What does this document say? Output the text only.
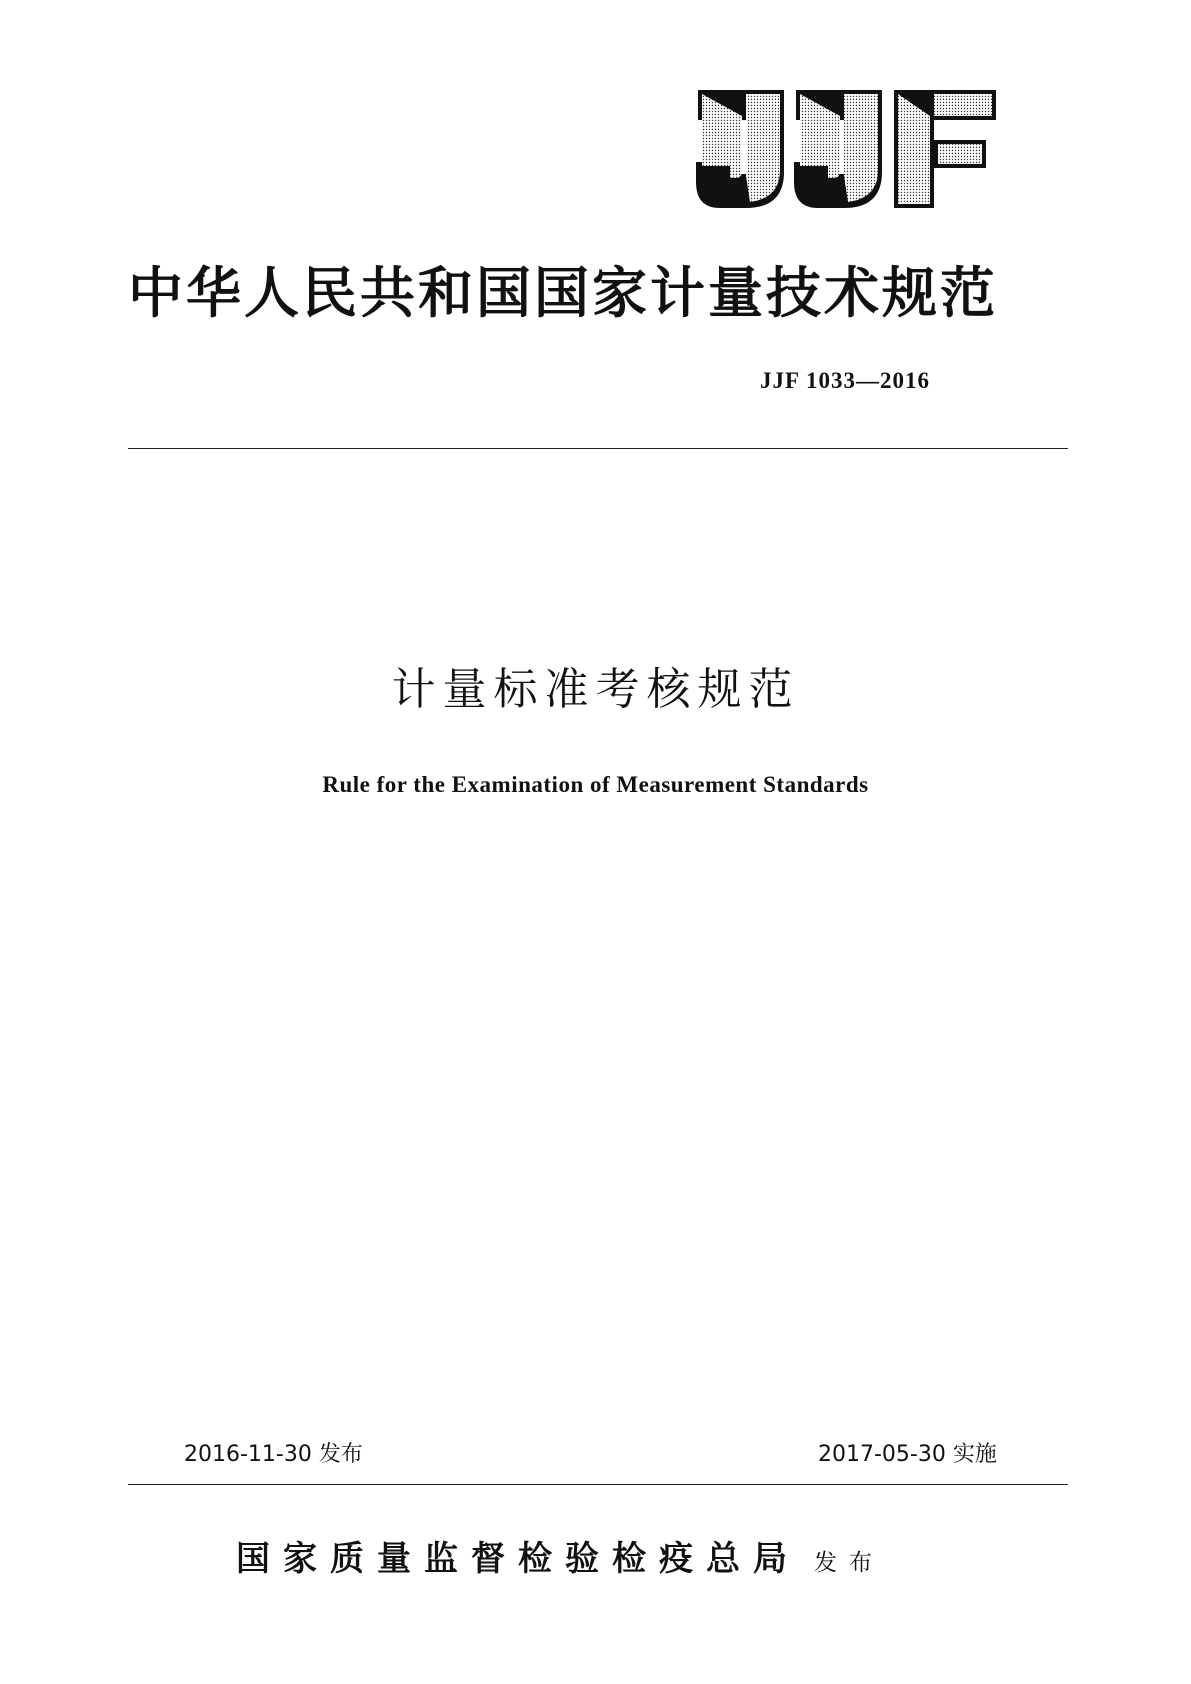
中华人民共和国国家计量技术规范
JJF 1033—2016
计量标准考核规范
Rule for the Examination of Measurement Standards
2016-11-30 发布	2017-05-30 实施
国家质量监督检验检疫总局 发布
